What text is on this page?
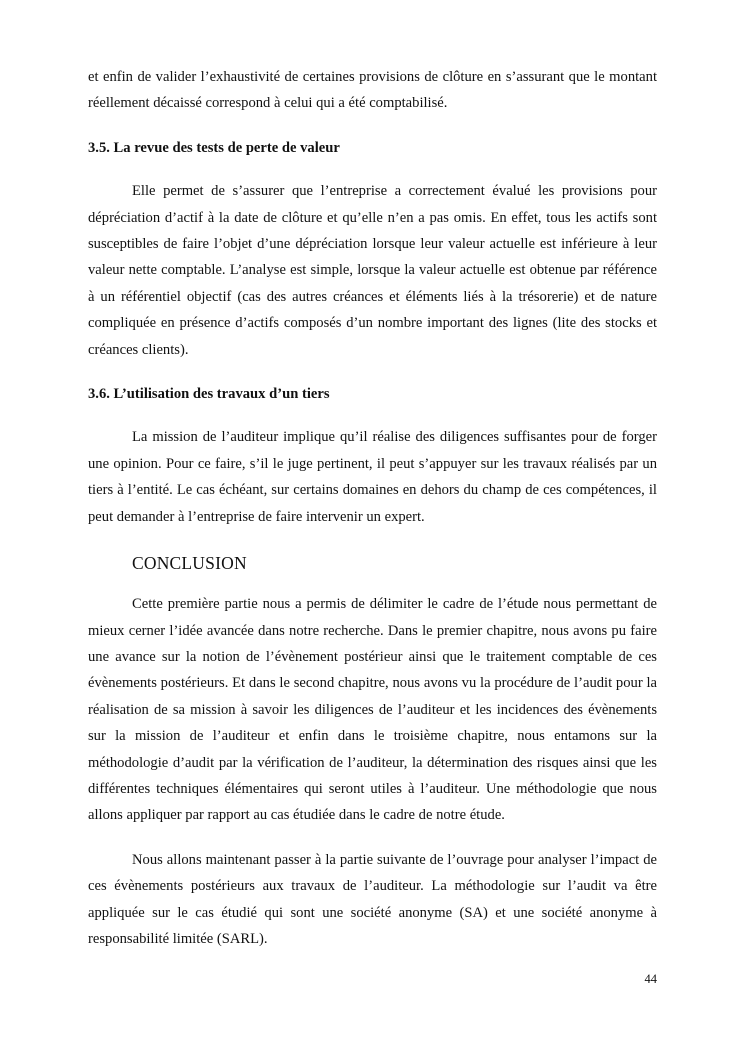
et enfin de valider l’exhaustivité de certaines provisions de clôture en s’assurant que le montant réellement décaissé correspond à celui qui a été comptabilisé.

3.5. La revue des tests de perte de valeur

Elle permet de s’assurer que l’entreprise a correctement évalué les provisions pour dépréciation d’actif à la date de clôture et qu’elle n’en a pas omis. En effet, tous les actifs sont susceptibles de faire l’objet d’une dépréciation lorsque leur valeur actuelle est inférieure à leur valeur nette comptable. L’analyse est simple, lorsque la valeur actuelle est obtenue par référence à un référentiel objectif (cas des autres créances et éléments liés à la trésorerie) et de nature compliquée en présence d’actifs composés d’un nombre important des lignes (lite des stocks et créances clients).

3.6. L’utilisation des travaux d’un tiers

La mission de l’auditeur implique qu’il réalise des diligences suffisantes pour de forger une opinion. Pour ce faire, s’il le juge pertinent, il peut s’appuyer sur les travaux réalisés par un tiers à l’entité. Le cas échéant, sur certains domaines en dehors du champ de ces compétences, il peut demander à l’entreprise de faire intervenir un expert.

CONCLUSION

Cette première partie nous a permis de délimiter le cadre de l’étude nous permettant de mieux cerner l’idée avancée dans notre recherche. Dans le premier chapitre, nous avons pu faire une avance sur la notion de l’évènement postérieur ainsi que le traitement comptable de ces évènements postérieurs. Et dans le second chapitre, nous avons vu la procédure de l’audit pour la réalisation de sa mission à savoir les diligences de l’auditeur et les incidences des évènements sur la mission de l’auditeur et enfin dans le troisième chapitre, nous entamons sur la méthodologie d’audit par la vérification de l’auditeur, la détermination des risques ainsi que les différentes techniques élémentaires qui seront utiles à l’auditeur. Une méthodologie que nous allons appliquer par rapport au cas étudiée dans le cadre de notre étude.

Nous allons maintenant passer à la partie suivante de l’ouvrage pour analyser l’impact de ces évènements postérieurs aux travaux de l’auditeur. La méthodologie sur l’audit va être appliquée sur le cas étudié qui sont une société anonyme (SA) et une société anonyme à responsabilité limitée (SARL).

44
